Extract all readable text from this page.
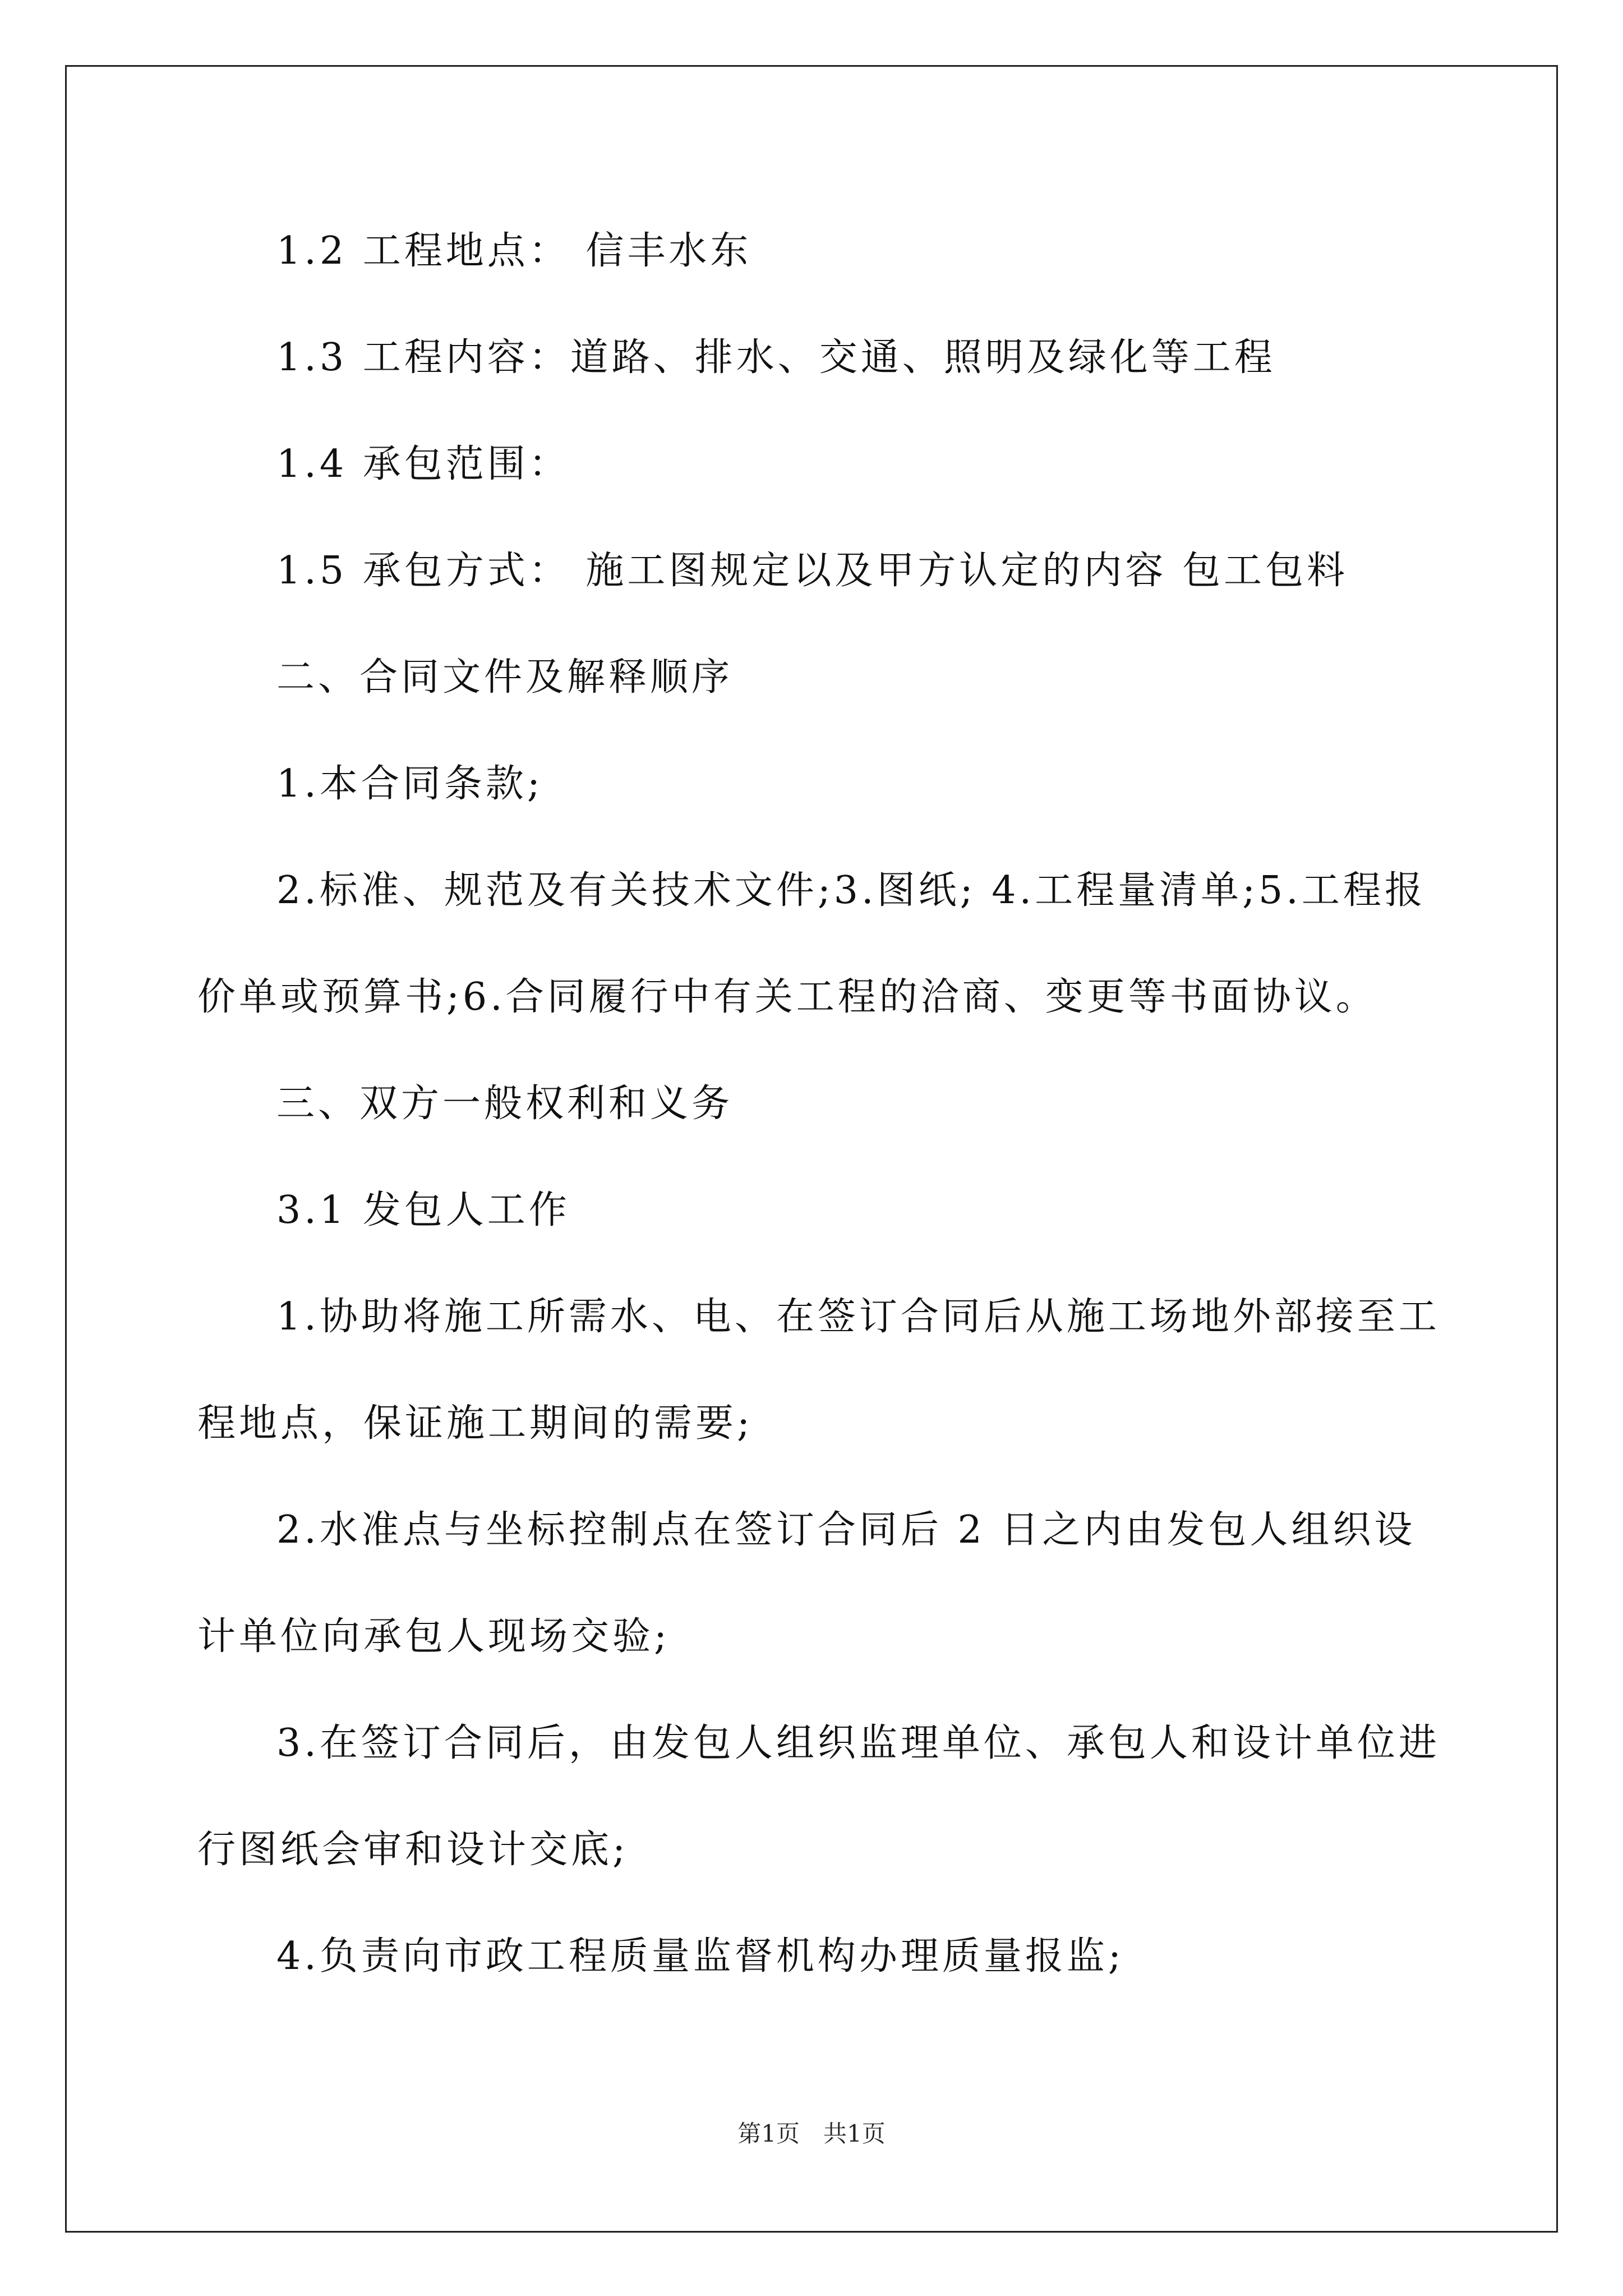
1.2 工程地点： 信丰水东
1.3 工程内容：道路、排水、交通、照明及绿化等工程
1.4 承包范围：
1.5 承包方式： 施工图规定以及甲方认定的内容 包工包料
二、合同文件及解释顺序
1.本合同条款;
2.标准、规范及有关技术文件;3.图纸; 4.工程量清单;5.工程报
价单或预算书;6.合同履行中有关工程的洽商、变更等书面协议。
三、双方一般权利和义务
3.1 发包人工作
1.协助将施工所需水、电、在签订合同后从施工场地外部接至工
程地点，保证施工期间的需要;
2.水准点与坐标控制点在签订合同后 2 日之内由发包人组织设
计单位向承包人现场交验;
3.在签订合同后，由发包人组织监理单位、承包人和设计单位进
行图纸会审和设计交底;
4.负责向市政工程质量监督机构办理质量报监;
第1页　共1页
